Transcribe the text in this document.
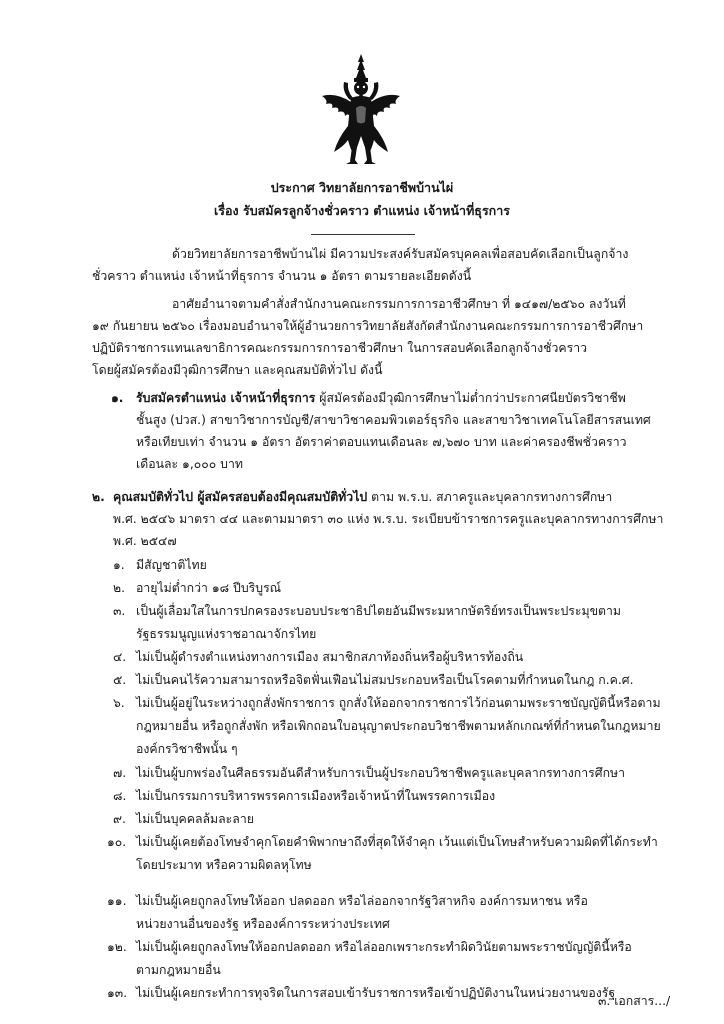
ประกาศ วิทยาลัยการอาชีพบ้านไผ่
เรื่อง รับสมัครลูกจ้างชั่วคราว ตำแหน่ง เจ้าหน้าที่ธุรการ
ด้วยวิทยาลัยการอาชีพบ้านไผ่ มีความประสงค์รับสมัครบุคคลเพื่อสอบคัดเลือกเป็นลูกจ้าง
ชั่วคราว ตำแหน่ง เจ้าหน้าที่ธุรการ จำนวน ๑ อัตรา ตามรายละเอียดดังนี้
อาศัยอำนาจตามคำสั่งสำนักงานคณะกรรมการการอาชีวศึกษา ที่ ๑๔๑๗/๒๕๖๐ ลงวันที่
๑๙ กันยายน ๒๕๖๐ เรื่องมอบอำนาจให้ผู้อำนวยการวิทยาลัยสังกัดสำนักงานคณะกรรมการการอาชีวศึกษา
ปฏิบัติราชการแทนเลขาธิการคณะกรรมการการอาชีวศึกษา ในการสอบคัดเลือกลูกจ้างชั่วคราว
โดยผู้สมัครต้องมีวุฒิการศึกษา และคุณสมบัติทั่วไป ดังนี้
๑. รับสมัครตำแหน่ง เจ้าหน้าที่ธุรการ ผู้สมัครต้องมีวุฒิการศึกษาไม่ต่ำกว่าประกาศนียบัตรวิชาชีพ
ชั้นสูง (ปวส.) สาขาวิชาการบัญชี/สาขาวิชาคอมพิวเตอร์ธุรกิจ และสาขาวิชาเทคโนโลยีสารสนเทศ
หรือเทียบเท่า จำนวน ๑ อัตรา อัตราค่าตอบแทนเดือนละ ๗,๖๗๐ บาท และค่าครองชีพชั่วคราว
เดือนละ ๑,๐๐๐ บาท
๒. คุณสมบัติทั่วไป ผู้สมัครสอบต้องมีคุณสมบัติทั่วไป ตาม พ.ร.บ. สภาครูและบุคลากรทางการศึกษา
พ.ศ. ๒๕๔๖ มาตรา ๔๔ และตามมาตรา ๓๐ แห่ง พ.ร.บ. ระเบียบข้าราชการครูและบุคลากรทางการศึกษา
พ.ศ. ๒๕๔๗
๑. มีสัญชาติไทย
๒. อายุไม่ต่ำกว่า ๑๘ ปีบริบูรณ์
๓. เป็นผู้เลื่อมใสในการปกครองระบอบประชาธิปไตยอันมีพระมหากษัตริย์ทรงเป็นพระประมุขตาม
รัฐธรรมนูญแห่งราชอาณาจักรไทย
๔. ไม่เป็นผู้ดำรงตำแหน่งทางการเมือง สมาชิกสภาท้องถิ่นหรือผู้บริหารท้องถิ่น
๕. ไม่เป็นคนไร้ความสามารถหรือจิตฟั่นเฟือนไม่สมประกอบหรือเป็นโรคตามที่กำหนดในกฎ ก.ค.ศ.
๖. ไม่เป็นผู้อยู่ในระหว่างถูกสั่งพักราชการ ถูกสั่งให้ออกจากราชการไว้ก่อนตามพระราชบัญญัตินี้หรือตาม
กฎหมายอื่น หรือถูกสั่งพัก หรือเพิกถอนใบอนุญาตประกอบวิชาชีพตามหลักเกณฑ์ที่กำหนดในกฎหมาย
องค์กรวิชาชีพนั้น ๆ
๗. ไม่เป็นผู้บกพร่องในศีลธรรมอันดีสำหรับการเป็นผู้ประกอบวิชาชีพครูและบุคลากรทางการศึกษา
๘. ไม่เป็นกรรมการบริหารพรรคการเมืองหรือเจ้าหน้าที่ในพรรคการเมือง
๙. ไม่เป็นบุคคลล้มละลาย
๑๐. ไม่เป็นผู้เคยต้องโทษจำคุกโดยคำพิพากษาถึงที่สุดให้จำคุก เว้นแต่เป็นโทษสำหรับความผิดที่ได้กระทำ
โดยประมาท หรือความผิดลหุโทษ
๑๑. ไม่เป็นผู้เคยถูกลงโทษให้ออก ปลดออก หรือไล่ออกจากรัฐวิสาหกิจ องค์การมหาชน หรือ
หน่วยงานอื่นของรัฐ หรือองค์การระหว่างประเทศ
๑๒. ไม่เป็นผู้เคยถูกลงโทษให้ออกปลดออก หรือไล่ออกเพราะกระทำผิดวินัยตามพระราชบัญญัตินี้หรือ
ตามกฎหมายอื่น
๑๓. ไม่เป็นผู้เคยกระทำการทุจริตในการสอบเข้ารับราชการหรือเข้าปฏิบัติงานในหน่วยงานของรัฐ
๓. เอกสาร.../
